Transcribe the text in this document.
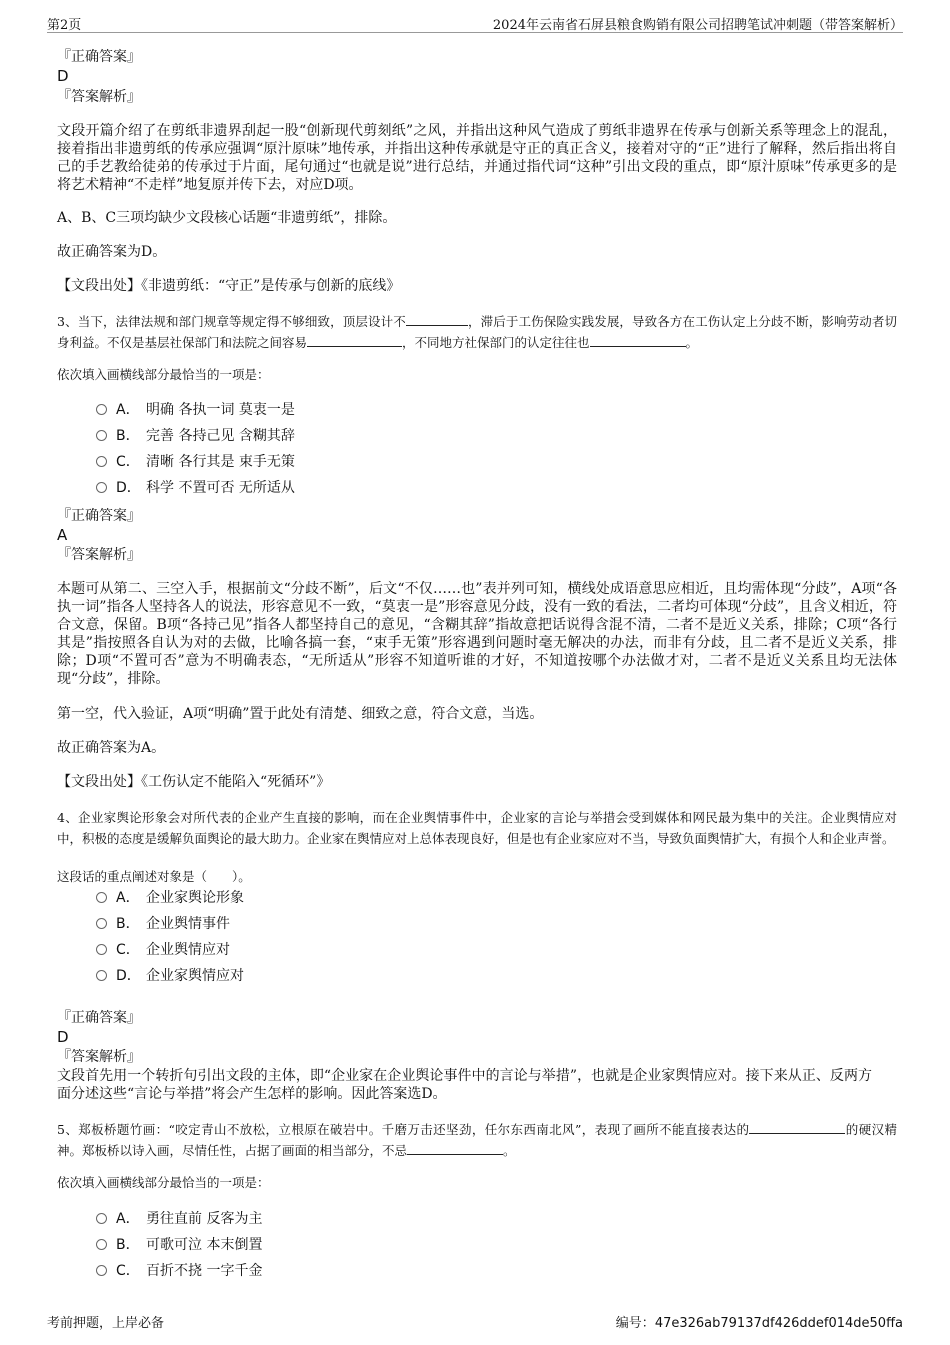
第2页	2024年云南省石屏县粮食购销有限公司招聘笔试冲刺题（带答案解析）
『正确答案』
D
『答案解析』
文段开篇介绍了在剪纸非遗界刮起一股“创新现代剪刻纸”之风，并指出这种风气造成了剪纸非遗界在传承与创新关系等理念上的混乱，接着指出非遗剪纸的传承应强调“原汁原味”地传承，并指出这种传承就是守正的真正含义，接着对守的“正”进行了解释，然后指出将自己的手艺教给徒弟的传承过于片面，尾句通过“也就是说”进行总结，并通过指代词“这种”引出文段的重点，即“原汁原味”传承更多的是将艺术精神“不走样”地复原并传下去，对应D项。
A、B、C三项均缺少文段核心话题“非遗剪纸”，排除。
故正确答案为D。
【文段出处】《非遗剪纸：“守正”是传承与创新的底线》
3、当下，法律法规和部门规章等规定得不够细致，顶层设计不	，滞后于工伤保险实践发展，导致各方在工伤认定上分歧不断，影响劳动者切身利益。不仅是基层社保部门和法院之间容易	，不同地方社保部门的认定往往也	。
依次填入画横线部分最恰当的一项是：
A． 明确 各执一词 莫衷一是
B． 完善 各持己见 含糊其辞
C． 清晰 各行其是 束手无策
D． 科学 不置可否 无所适从
『正确答案』
A
『答案解析』
本题可从第二、三空入手，根据前文“分歧不断”，后文“不仅……也”表并列可知，横线处成语意思应相近，且均需体现“分歧”，A项“各执一词”指各人坚持各人的说法，形容意见不一致，“莫衷一是”形容意见分歧，没有一致的看法，二者均可体现“分歧”，且含义相近，符合文意，保留。B项“各持己见”指各人都坚持自己的意见，“含糊其辞”指故意把话说得含混不清，二者不是近义关系，排除；C项“各行其是”指按照各自认为对的去做，比喻各搞一套，“束手无策”形容遇到问题时毫无解决的办法，而非有分歧，且二者不是近义关系，排除；D项“不置可否”意为不明确表态，“无所适从”形容不知道听谁的才好，不知道按哪个办法做才对，二者不是近义关系且均无法体现“分歧”，排除。
第一空，代入验证，A项“明确”置于此处有清楚、细致之意，符合文意，当选。
故正确答案为A。
【文段出处】《工伤认定不能陷入“死循环”》
4、企业家舆论形象会对所代表的企业产生直接的影响，而在企业舆情事件中，企业家的言论与举措会受到媒体和网民最为集中的关注。企业舆情应对中，积极的态度是缓解负面舆论的最大助力。企业家在舆情应对上总体表现良好，但是也有企业家应对不当，导致负面舆情扩大，有损个人和企业声誉。
这段话的重点阐述对象是（　　）。
A． 企业家舆论形象
B． 企业舆情事件
C． 企业舆情应对
D． 企业家舆情应对
『正确答案』
D
『答案解析』
文段首先用一个转折句引出文段的主体，即“企业家在企业舆论事件中的言论与举措”，也就是企业家舆情应对。接下来从正、反两方面分述这些“言论与举措”将会产生怎样的影响。因此答案选D。
5、郑板桥题竹画：“咬定青山不放松，立根原在破岩中。千磨万击还坚劲，任尔东西南北风”，表现了画所不能直接表达的	的硬汉精神。郑板桥以诗入画，尽情任性，占据了画面的相当部分，不忌	。
依次填入画横线部分最恰当的一项是：
A． 勇往直前 反客为主
B． 可歌可泣 本末倒置
C． 百折不挠 一字千金
考前押题，上岸必备	编号：47e326ab79137df426ddef014de50ffa
